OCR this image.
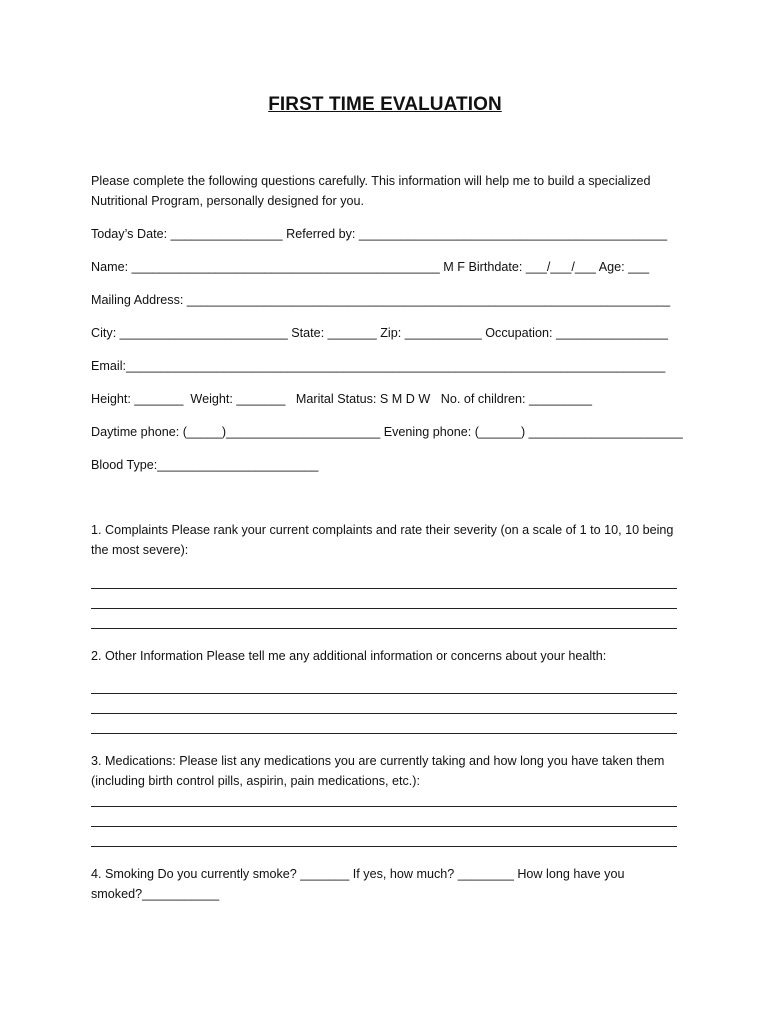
FIRST TIME EVALUATION
Please complete the following questions carefully. This information will help me to build a specialized
Nutritional Program, personally designed for you.
Today’s Date: ________________ Referred by: ____________________________________________
Name: ____________________________________________ M F Birthdate: ___/___/___ Age: ___
Mailing Address: _____________________________________________________________________
City: ________________________ State: _______ Zip: ___________ Occupation: ________________
Email:_____________________________________________________________________________
Height: _______  Weight: _______   Marital Status: S M D W   No. of children: _________
Daytime phone: (_____)______________________ Evening phone: (______) ______________________
Blood Type:_______________________
1. Complaints Please rank your current complaints and rate their severity (on a scale of 1 to 10, 10 being
the most severe):
2. Other Information Please tell me any additional information or concerns about your health:
3. Medications: Please list any medications you are currently taking and how long you have taken them
(including birth control pills, aspirin, pain medications, etc.):
4. Smoking Do you currently smoke? _______ If yes, how much? ________ How long have you
smoked?___________
